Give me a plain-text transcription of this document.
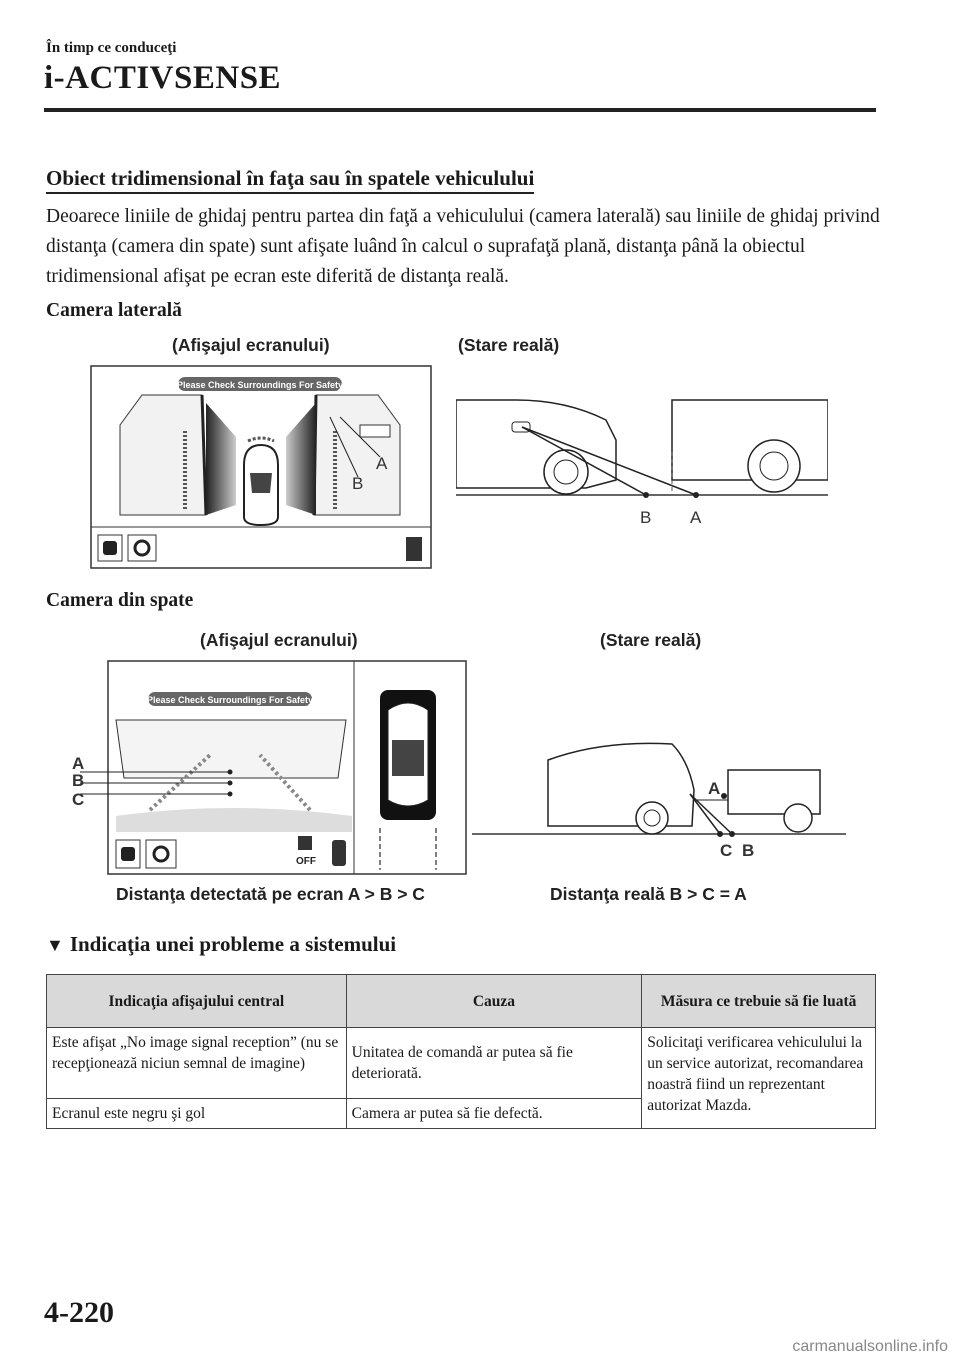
În timp ce conduceţi
i-ACTIVSENSE
Obiect tridimensional în faţa sau în spatele vehiculului
Deoarece liniile de ghidaj pentru partea din faţă a vehiculului (camera laterală) sau liniile de ghidaj privind distanţa (camera din spate) sunt afişate luând în calcul o suprafaţă plană, distanţa până la obiectul tridimensional afişat pe ecran este diferită de distanţa reală.
Camera laterală
(Afişajul ecranului)	(Stare reală)
Please Check Surroundings For Safety
A
B
B A
Camera din spate
(Afişajul ecranului)	(Stare reală)
Please Check Surroundings For Safety
A
B
C
OFF
A
C B
Distanţa detectată pe ecran A > B > C	Distanţa reală B > C = A
▼ Indicaţia unei probleme a sistemului
Indicaţia afişajului central	Cauza	Măsura ce trebuie să fie luată
Este afişat „No image signal reception” (nu se recepţionează niciun semnal de imagine)	Unitatea de comandă ar putea să fie deteriorată.	Solicitaţi verificarea vehiculului la un service autorizat, recomandarea noastră fiind un reprezentant autorizat Mazda.
Ecranul este negru şi gol	Camera ar putea să fie defectă.	
4-220
carmanualsonline.info
